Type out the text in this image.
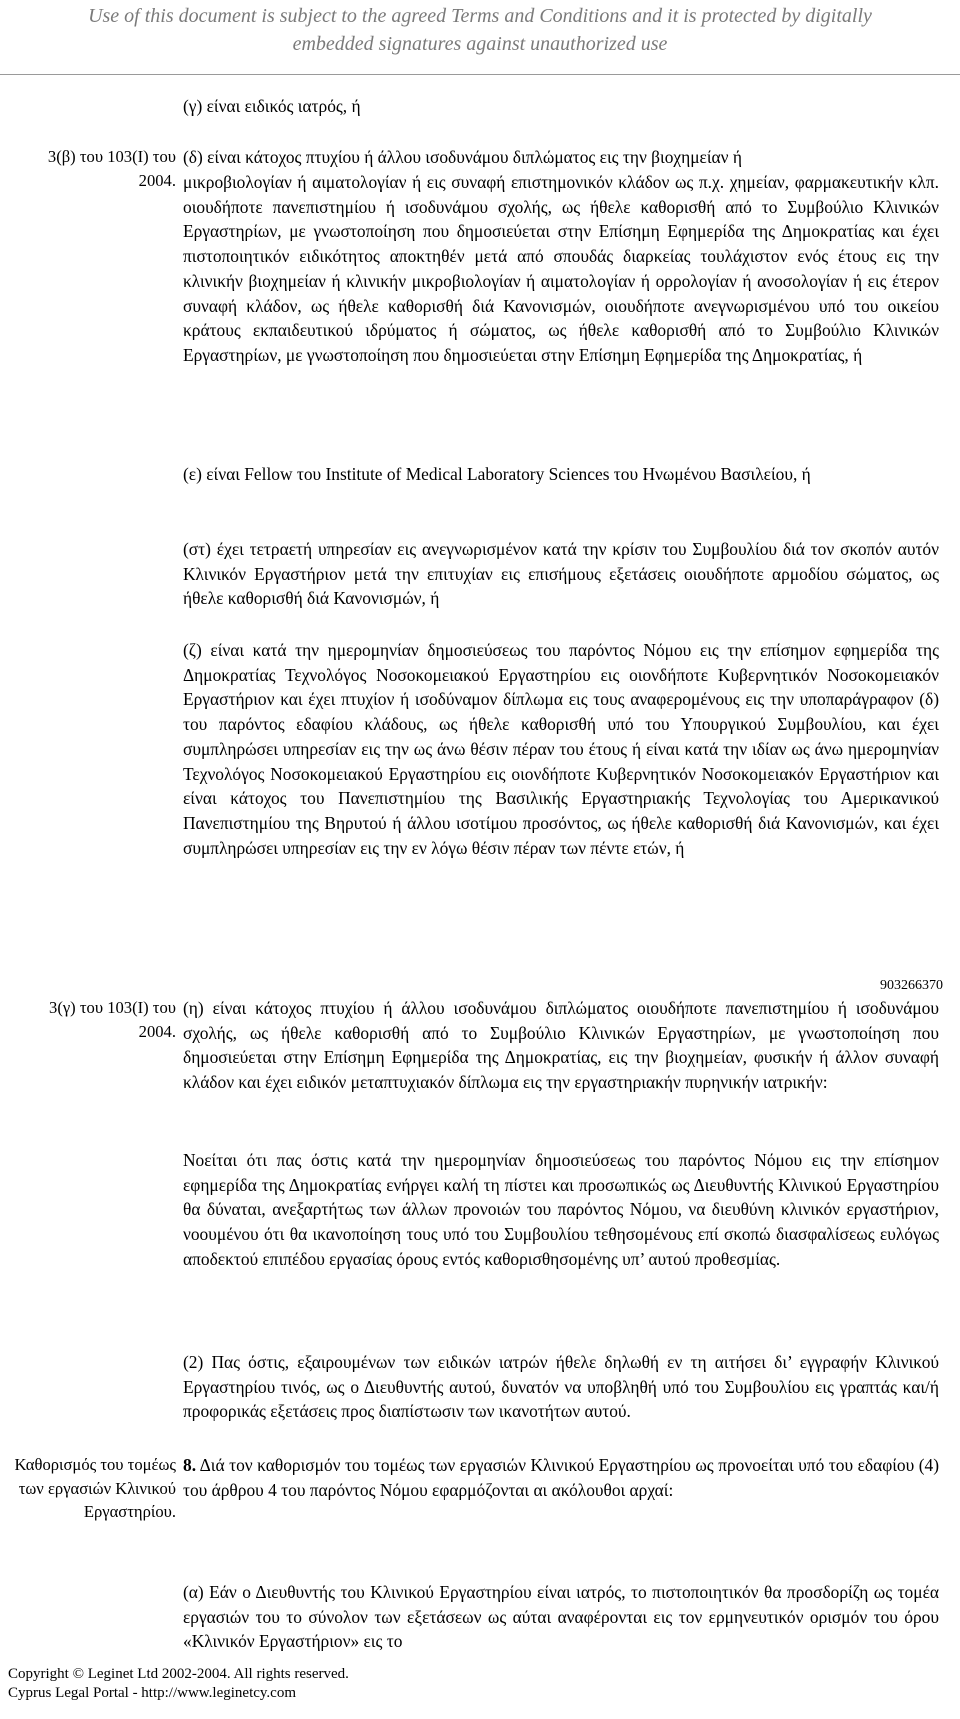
Use of this document is subject to the agreed Terms and Conditions and it is protected by digitally
embedded signatures against unauthorized use
(γ) είναι ειδικός ιατρός, ή
3(β) του 103(Ι) του 2004.
(δ) είναι κάτοχος πτυχίου ή άλλου ισοδυνάμου διπλώματος εις την βιοχημείαν ή
μικροβιολογίαν ή αιματολογίαν ή εις συναφή επιστημονικόν κλάδον ως π.χ. χημείαν, φαρμακευτικήν κλπ. οιουδήποτε πανεπιστημίου ή ισοδυνάμου σχολής, ως ήθελε καθορισθή από το Συμβούλιο Κλινικών Εργαστηρίων, με γνωστοποίηση που δημοσιεύεται στην Επίσημη Εφημερίδα της Δημοκρατίας και έχει πιστοποιητικόν ειδικότητος αποκτηθέν μετά από σπουδάς διαρκείας τουλάχιστον ενός έτους εις την κλινικήν βιοχημείαν ή κλινικήν μικροβιολογίαν ή αιματολογίαν ή ορρολογίαν ή ανοσολογίαν ή εις έτερον συναφή κλάδον, ως ήθελε καθορισθή διά Κανονισμών, οιουδήποτε ανεγνωρισμένου υπό του οικείου κράτους εκπαιδευτικού ιδρύματος ή σώματος, ως ήθελε καθορισθή από το Συμβούλιο Κλινικών Εργαστηρίων, με γνωστοποίηση που δημοσιεύεται στην Επίσημη Εφημερίδα της Δημοκρατίας, ή
(ε) είναι Fellow του Institute of Medical Laboratory Sciences του Ηνωμένου Βασιλείου, ή
(στ) έχει τετραετή υπηρεσίαν εις ανεγνωρισμένον κατά την κρίσιν του Συμβουλίου διά τον σκοπόν αυτόν Κλινικόν Εργαστήριον μετά την επιτυχίαν εις επισήμους εξετάσεις οιουδήποτε αρμοδίου σώματος, ως ήθελε καθορισθή διά Κανονισμών, ή
(ζ) είναι κατά την ημερομηνίαν δημοσιεύσεως του παρόντος Νόμου εις την επίσημον εφημερίδα της Δημοκρατίας Τεχνολόγος Νοσοκομειακού Εργαστηρίου εις οιονδήποτε Κυβερνητικόν Νοσοκομειακόν Εργαστήριον και έχει πτυχίον ή ισοδύναμον δίπλωμα εις τους αναφερομένους εις την υποπαράγραφον (δ) του παρόντος εδαφίου κλάδους, ως ήθελε καθορισθή υπό του Υπουργικού Συμβουλίου, και έχει συμπληρώσει υπηρεσίαν εις την ως άνω θέσιν πέραν του έτους ή είναι κατά την ιδίαν ως άνω ημερομηνίαν Τεχνολόγος Νοσοκομειακού Εργαστηρίου εις οιονδήποτε Κυβερνητικόν Νοσοκομειακόν Εργαστήριον και είναι κάτοχος του Πανεπιστημίου της Βασιλικής Εργαστηριακής Τεχνολογίας του Αμερικανικού Πανεπιστημίου της Βηρυτού ή άλλου ισοτίμου προσόντος, ως ήθελε καθορισθή διά Κανονισμών, και έχει συμπληρώσει υπηρεσίαν εις την εν λόγω θέσιν πέραν των πέντε ετών, ή
903266370
3(γ) του 103(Ι) του 2004.
(η) είναι κάτοχος πτυχίου ή άλλου ισοδυνάμου διπλώματος οιουδήποτε πανεπιστημίου ή ισοδυνάμου σχολής, ως ήθελε καθορισθή από το Συμβούλιο Κλινικών Εργαστηρίων, με γνωστοποίηση που δημοσιεύεται στην Επίσημη Εφημερίδα της Δημοκρατίας, εις την βιοχημείαν, φυσικήν ή άλλον συναφή κλάδον και έχει ειδικόν μεταπτυχιακόν δίπλωμα εις την εργαστηριακήν πυρηνικήν ιατρικήν:
Νοείται ότι πας όστις κατά την ημερομηνίαν δημοσιεύσεως του παρόντος Νόμου εις την επίσημον εφημερίδα της Δημοκρατίας ενήργει καλή τη πίστει και προσωπικώς ως Διευθυντής Κλινικού Εργαστηρίου θα δύναται, ανεξαρτήτως των άλλων προνοιών του παρόντος Νόμου, να διευθύνη κλινικόν εργαστήριον, νοουμένου ότι θα ικανοποίηση τους υπό του Συμβουλίου τεθησομένους επί σκοπώ διασφαλίσεως ευλόγως αποδεκτού επιπέδου εργασίας όρους εντός καθορισθησομένης υπ’ αυτού προθεσμίας.
(2) Πας όστις, εξαιρουμένων των ειδικών ιατρών ήθελε δηλωθή εν τη αιτήσει δι’ εγγραφήν Κλινικού Εργαστηρίου τινός, ως ο Διευθυντής αυτού, δυνατόν να υποβληθή υπό του Συμβουλίου εις γραπτάς και/ή προφορικάς εξετάσεις προς διαπίστωσιν των ικανοτήτων αυτού.
Καθορισμός του τομέως των εργασιών Κλινικού Εργαστηρίου.
8. Διά τον καθορισμόν του τομέως των εργασιών Κλινικού Εργαστηρίου ως προνοείται υπό του εδαφίου (4) του άρθρου 4 του παρόντος Νόμου εφαρμόζονται αι ακόλουθοι αρχαί:
(α) Εάν ο Διευθυντής του Κλινικού Εργαστηρίου είναι ιατρός, το πιστοποιητικόν θα προσδορίζη ως τομέα εργασιών του το σύνολον των εξετάσεων ως αύται αναφέρονται εις τον ερμηνευτικόν ορισμόν του όρου «Κλινικόν Εργαστήριον» εις το
Copyright © Leginet Ltd 2002-2004. All rights reserved.
Cyprus Legal Portal - http://www.leginetcy.com
